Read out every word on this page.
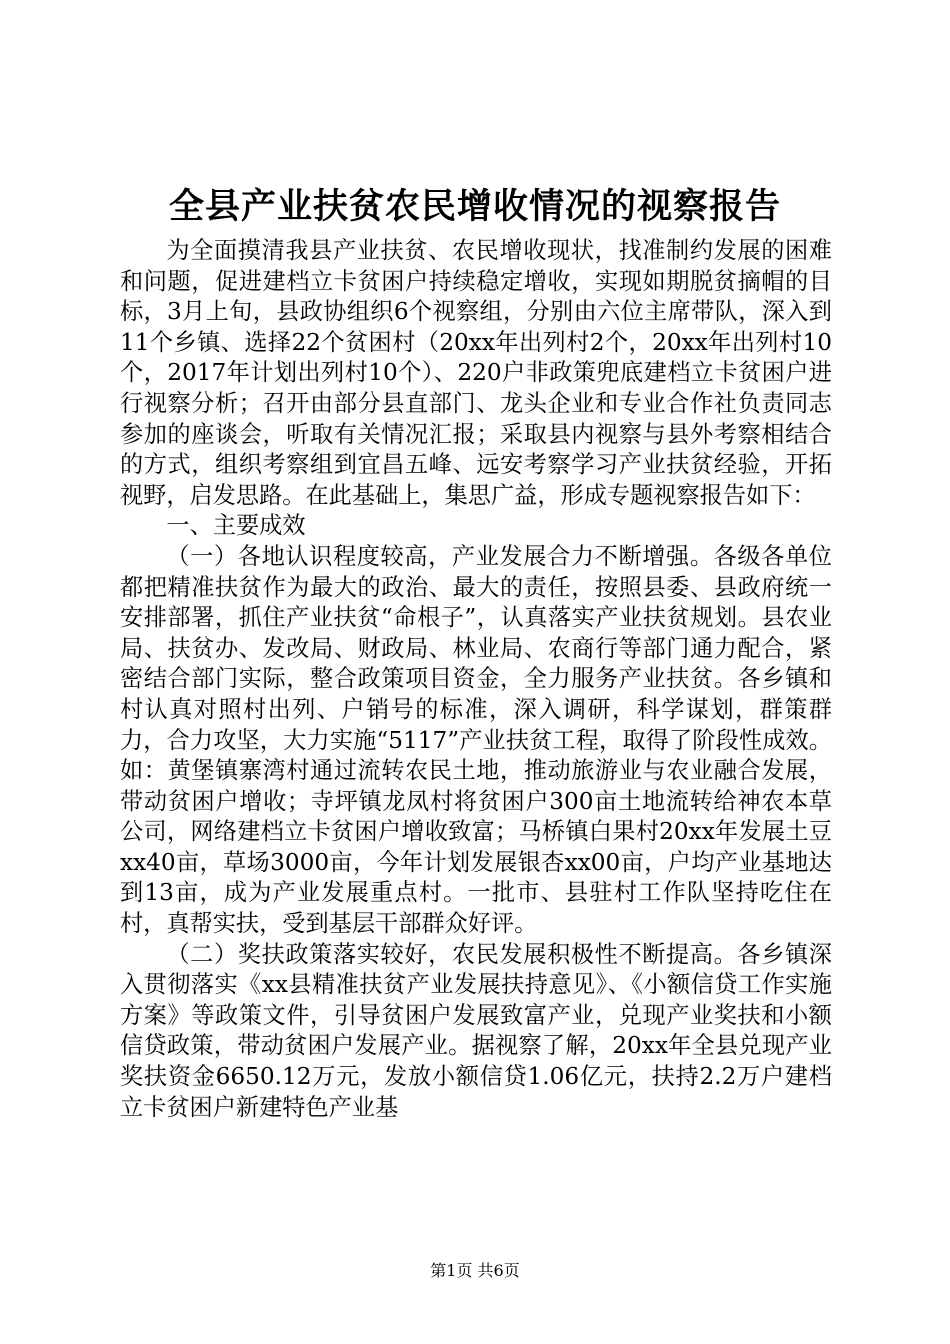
全县产业扶贫农民增收情况的视察报告

为全面摸清我县产业扶贫、农民增收现状，找准制约发展的困难和问题，促进建档立卡贫困户持续稳定增收，实现如期脱贫摘帽的目标，3月上旬，县政协组织6个视察组，分别由六位主席带队，深入到11个乡镇、选择22个贫困村（20xx年出列村2个，20xx年出列村10个，2017年计划出列村10个）、220户非政策兜底建档立卡贫困户进行视察分析；召开由部分县直部门、龙头企业和专业合作社负责同志参加的座谈会，听取有关情况汇报；采取县内视察与县外考察相结合的方式，组织考察组到宜昌五峰、远安考察学习产业扶贫经验，开拓视野，启发思路。在此基础上，集思广益，形成专题视察报告如下：

一、主要成效

（一）各地认识程度较高，产业发展合力不断增强。各级各单位都把精准扶贫作为最大的政治、最大的责任，按照县委、县政府统一安排部署，抓住产业扶贫“命根子”，认真落实产业扶贫规划。县农业局、扶贫办、发改局、财政局、林业局、农商行等部门通力配合，紧密结合部门实际，整合政策项目资金，全力服务产业扶贫。各乡镇和村认真对照村出列、户销号的标准，深入调研，科学谋划，群策群力，合力攻坚，大力实施“5117”产业扶贫工程，取得了阶段性成效。如：黄堡镇寨湾村通过流转农民土地，推动旅游业与农业融合发展，带动贫困户增收；寺坪镇龙凤村将贫困户300亩土地流转给神农本草公司，网络建档立卡贫困户增收致富；马桥镇白果村20xx年发展土豆xx40亩，草场3000亩，今年计划发展银杏xx00亩，户均产业基地达到13亩，成为产业发展重点村。一批市、县驻村工作队坚持吃住在村，真帮实扶，受到基层干部群众好评。

（二）奖扶政策落实较好，农民发展积极性不断提高。各乡镇深入贯彻落实《xx县精准扶贫产业发展扶持意见》、《小额信贷工作实施方案》等政策文件，引导贫困户发展致富产业，兑现产业奖扶和小额信贷政策，带动贫困户发展产业。据视察了解，20xx年全县兑现产业奖扶资金6650.12万元，发放小额信贷1.06亿元，扶持2.2万户建档立卡贫困户新建特色产业基

第1页 共6页
